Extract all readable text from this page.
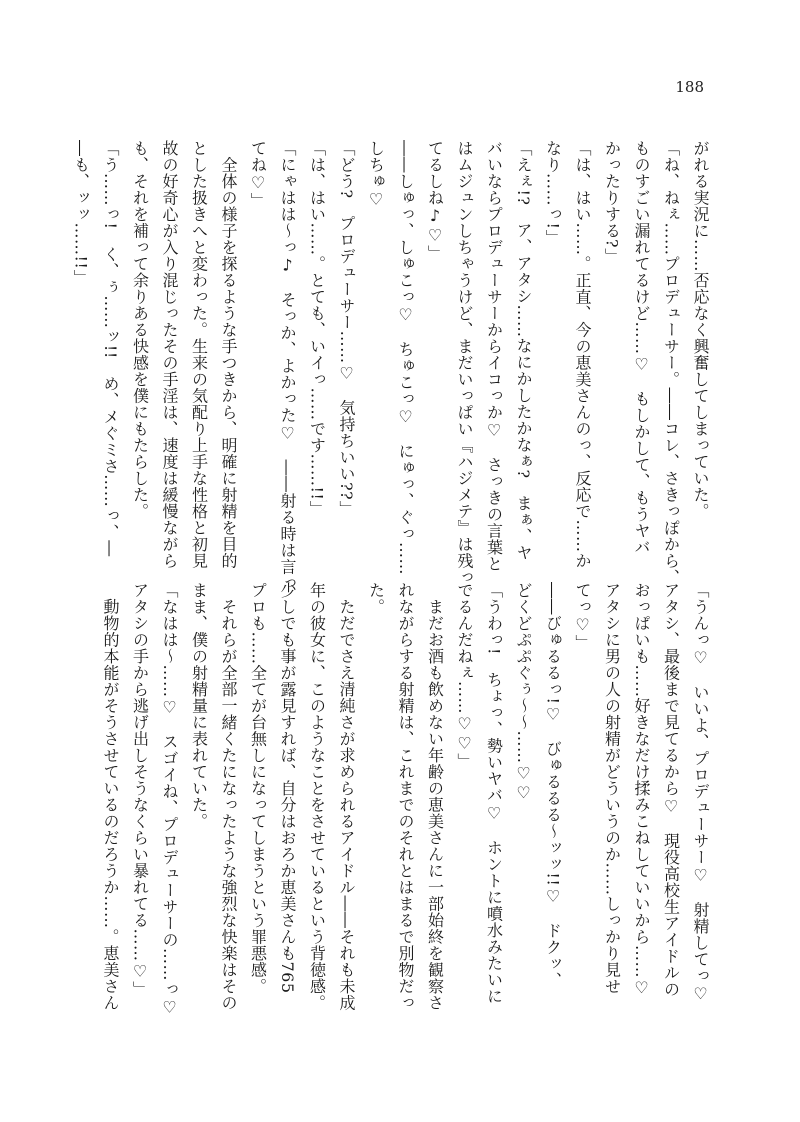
188

がれる実況に……否応なく興奮してしまっていた。

「ね、ねぇ……プロデューサー。――コレ、さきっぽから、

ものすごい漏れてるけど……♡　もしかして、もうヤバ

かったりする?」

「は、はい……。正直、今の恵美さんのっ、反応で……か

なり……っ!」

「えぇ!?　ア、アタシ……なにかしたかなぁ?　まぁ、ヤ

バいならプロデューサーからイコっか♡　さっきの言葉と

はムジュンしちゃうけど、まだいっぱい『ハジメテ』は残っ

てるしね♪♡」

――しゅっ、しゅこっ♡　ちゅこっ♡　にゅっ、ぐっ……

しちゅ♡

「どう?　プロデューサー……♡　気持ちいい??」

「は、はい……。とても、いイっ……です……!!」

「にゃはは～っ♪　そっか、よかった♡　――射る時は言っ

てね♡」

　全体の様子を探るような手つきから、明確に射精を目的

とした扱きへと変わった。生来の気配り上手な性格と初見

故の好奇心が入り混じったその手淫は、速度は緩慢ながら

も、それを補って余りある快感を僕にもたらした。

「う……っ!　く、ぅ……ッ!!　め、メぐミさ……っ、―

―も、ッッ……!!」

「うんっ♡　いいよ、プロデューサー♡　射精してっ♡

アタシ、最後まで見てるから♡　現役高校生アイドルの

おっぱいも……好きなだけ揉みこねしていいから……♡

アタシに男の人の射精がどういうのか……しっかり見せ

てっ♡」

――びゅるるっ!♡　びゅるるる～ッッ!!♡　ドクッ、

どくどぷぷぐぅ～～……♡♡

「うわっ!　ちょっ、勢いヤバ♡　ホントに噴水みたいに

でるんだねぇ……♡♡」

　まだお酒も飲めない年齢の恵美さんに一部始終を観察さ

れながらする射精は、これまでのそれとはまるで別物だっ

た。

　ただでさえ清純さが求められるアイドル――それも未成

年の彼女に、このようなことをさせているという背徳感。

少しでも事が露見すれば、自分はおろか恵美さんも765

プロも……全てが台無しになってしまうという罪悪感。

　それらが全部一緒くたになったような強烈な快楽はその

まま、僕の射精量に表れていた。

「なはは～……♡　スゴイね、プロデューサーの……っ♡

アタシの手から逃げ出しそうなくらい暴れてる……♡」

　動物的本能がそうさせているのだろうか……。恵美さん
